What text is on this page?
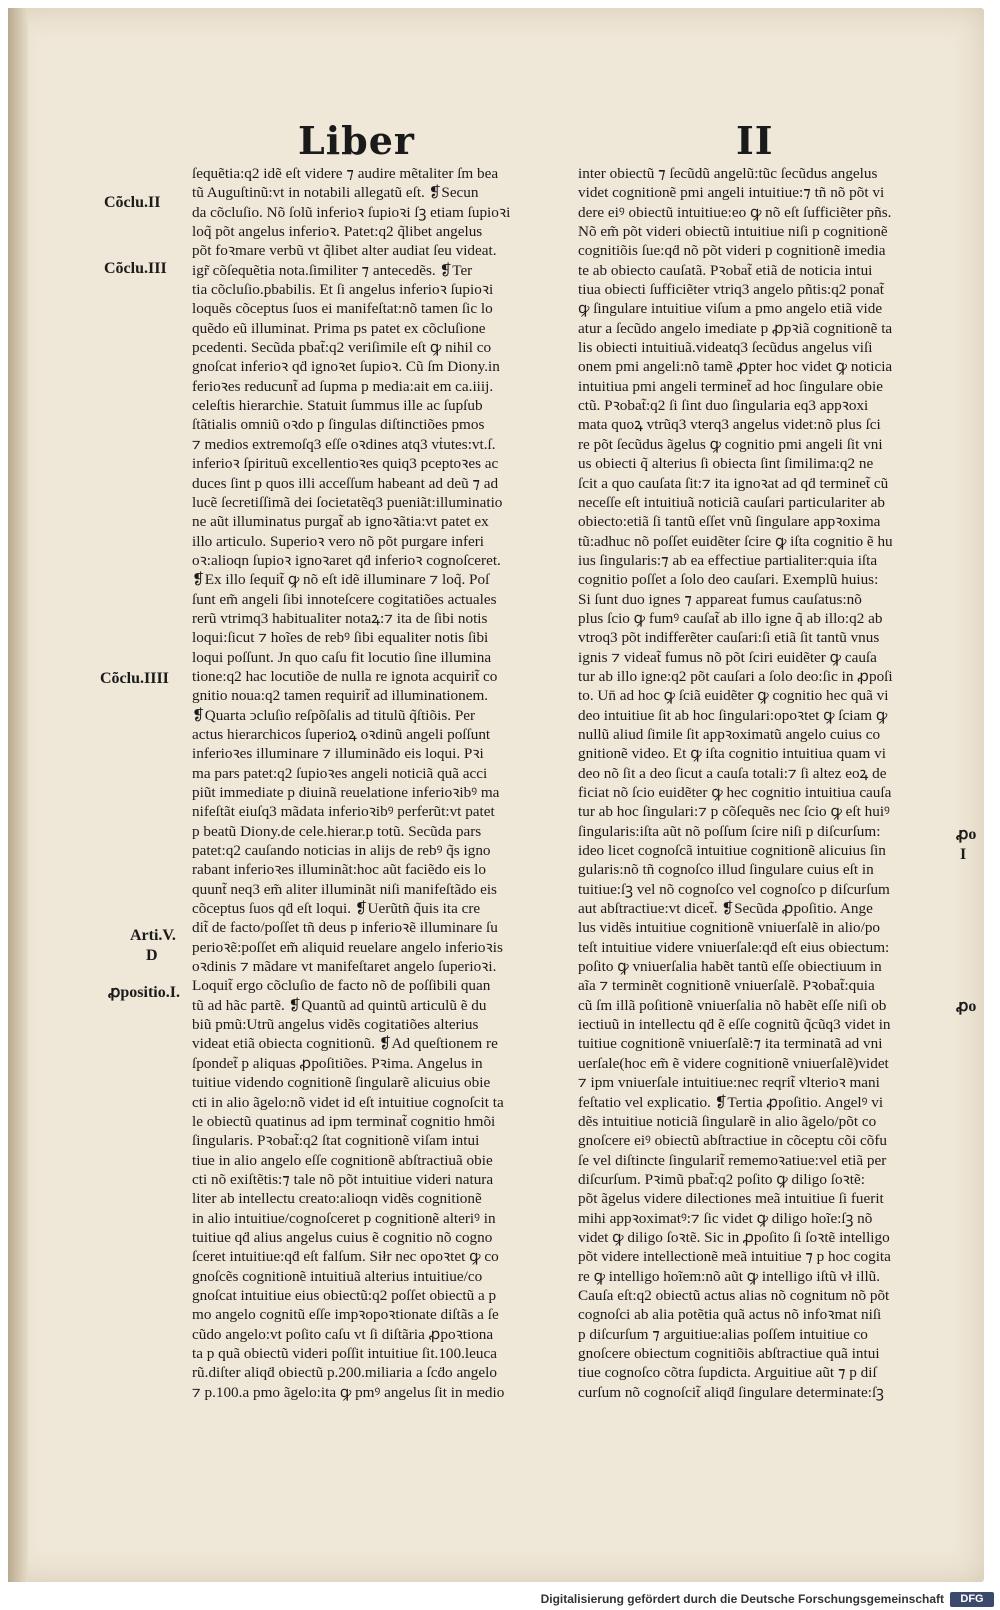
Liber	II
Cõclu.II
Cõclu.III
Cõclu.IIII
Arti.V.
D
ꝓpositio.I.
ꝓo
I
ꝓo
ſequẽtia:q2 idẽ eſt videre ⁊ audire mẽtaliter ſm bea
tũ Auguſtinũ:vt in notabili allegatũ eſt. ❡Secun
da cõcluſio. Nõ ſolũ inferioꝛ ſupioꝛi ſꝫ etiam ſupioꝛi
loq̃ põt angelus inferioꝛ. Patet:q2 q̃libet angelus
põt foꝛmare verbũ vt q̃libet alter audiat ſeu videat.
igr̃ cõſequẽtia nota.ſimiliter ⁊ antecedẽs. ❡Ter
tia cõcluſio.pbabilis. Et ſi angelus inferioꝛ ſupioꝛi
loquẽs cõceptus ſuos ei manifeſtat:nõ tamen ſic lo
quẽdo eũ illuminat. Prima ps patet ex cõcluſione
pcedenti. Secũda pbat̃:q2 veriſimile eſt ꝙ nihil co
gnoſcat inferioꝛ qḋ ignoꝛet ſupioꝛ. Cũ ſm Diony.in
ferioꝛes reducunt̃ ad ſupma p media:ait em ca.iiij.
celeſtis hierarchie. Statuit ſummus ille ac ſupſub
ſtãtialis omniũ oꝛdo p ſingulas diſtinctiões pmos
⁊ medios extremoſq3 eſſe oꝛdines atq3 vṫutes:vt.ſ.
inferioꝛ ſpirituũ excellentioꝛes quiq3 pceptoꝛes ac
duces ſint p quos illi acceſſum habeant ad deũ ⁊ ad
lucẽ ſecretiſſimã dei ſocietatẽq3 pueniãt:illuminatio
ne aũt illuminatus purgat̃ ab ignoꝛãtia:vt patet ex
illo articulo. Superioꝛ vero nõ põt purgare inferi
oꝛ:alioqn ſupioꝛ ignoꝛaret qḋ inferioꝛ cognoſceret.
❡Ex illo ſequit̃ ꝙ nõ eſt idẽ illuminare ⁊ loq̃. Poſ
ſunt em̃ angeli ſibi innoteſcere cogitatiões actuales
rerũ vtrimq3 habitualiter notaꝝ:⁊ ita de ſibi notis
loqui:ſicut ⁊ hoĩes de rebꝰ ſibi equaliter notis ſibi
loqui poſſunt. Jn quo caſu fit locutio ſine illumina
tione:q2 hac locutiõe de nulla re ignota acquirit̃ co
gnitio noua:q2 tamen requirit̃ ad illuminationem.
❡Quarta ↄcluſio reſpõſalis ad titulũ q̃ſtiõis. Per
actus hierarchicos ſuperioꝝ oꝛdinũ angeli poſſunt
inferioꝛes illuminare ⁊ illuminãdo eis loqui. Pꝛi
ma pars patet:q2 ſupioꝛes angeli noticiã quã acci
piũt immediate p diuinã reuelatione inferioꝛibꝰ ma
nifeſtãt eiuſq3 mãdata inferioꝛibꝰ perferũt:vt patet
p beatũ Diony.de cele.hierar.p totũ. Secũda pars
patet:q2 cauſando noticias in alijs de rebꝰ q̃s igno
rabant inferioꝛes illuminãt:hoc aũt faciẽdo eis lo
quunt̃ neq3 em̃ aliter illuminãt niſi manifeſtãdo eis
cõceptus ſuos qḋ eſt loqui. ❡Uerũtñ q̃uis ita cre
dit̃ de facto/poſſet tñ deus p inferioꝛẽ illuminare ſu
perioꝛẽ:poſſet em̃ aliquid reuelare angelo inferioꝛis
oꝛdinis ⁊ mãdare vt manifeſtaret angelo ſuperioꝛi.
Loquit̃ ergo cõcluſio de facto nõ de poſſibili quan
tũ ad hãc partẽ. ❡Quantũ ad quintũ articulũ ẽ du
biũ pmũ:Utrũ angelus vidẽs cogitatiões alterius
videat etiã obiecta cognitionũ. ❡Ad queſtionem re
ſpondet̃ p aliquas ꝓpoſitiões. Pꝛima. Angelus in
tuitiue videndo cognitionẽ ſingularẽ alicuius obie
cti in alio ãgelo:nõ videt id eſt intuitiue cognoſcit ta
le obiectũ quatinus ad ipm terminat̃ cognitio hmõi
ſingularis. Pꝛobat̃:q2 ſtat cognitionẽ viſam intui
tiue in alio angelo eſſe cognitionẽ abſtractiuã obie
cti nõ exiſtẽtis:⁊ tale nõ põt intuitiue videri natura
liter ab intellectu creato:alioqn vidẽs cognitionẽ
in alio intuitiue/cognoſceret p cognitionẽ alteriꝰ in
tuitiue qḋ alius angelus cuius ẽ cognitio nõ cogno
ſceret intuitiue:qḋ eſt falſum. Siłr nec opoꝛtet ꝙ co
gnoſcẽs cognitionẽ intuitiuã alterius intuitiue/co
gnoſcat intuitiue eius obiectũ:q2 poſſet obiectũ a p
mo angelo cognitũ eſſe impꝛopoꝛtionate diſtãs a ſe
cũdo angelo:vt poſito caſu vt ſi diſtãria ꝓpoꝛtiona
ta p quã obiectũ videri poſſit intuitiue ſit.100.leuca
rũ.diſter aliqḋ obiectũ p.200.miliaria a ſcḋo angelo
⁊ p.100.a pmo ãgelo:ita ꝙ pmꝰ angelus ſit in medio
inter obiectũ ⁊ ſecũdũ angelũ:tũc ſecũdus angelus
videt cognitionẽ pmi angeli intuitiue:⁊ tñ nõ põt vi
dere eiꝰ obiectũ intuitiue:eo ꝙ nõ eſt ſufficiẽter pñs.
Nõ em̃ põt videri obiectũ intuitiue niſi p cognitionẽ
cognitiõis ſue:qḋ nõ põt videri p cognitionẽ imedia
te ab obiecto cauſatã. Pꝛobat̃ etiã de noticia intui
tiua obiecti ſufficiẽter vtriq3 angelo pñtis:q2 ponat̃
ꝙ ſingulare intuitiue viſum a pmo angelo etiã vide
atur a ſecũdo angelo imediate p ꝓpꝛiã cognitionẽ ta
lis obiecti intuitiuã.videatq3 ſecũdus angelus viſi
onem pmi angeli:nõ tamẽ ꝓpter hoc videt ꝙ noticia
intuitiua pmi angeli terminet̃ ad hoc ſingulare obie
ctũ. Pꝛobat̃:q2 ſi ſint duo ſingularia eq3 appꝛoxi
mata quoꝝ vtrũq3 vterq3 angelus videt:nõ plus ſci
re põt ſecũdus ãgelus ꝙ cognitio pmi angeli ſit vni
us obiecti q̃ alterius ſi obiecta ſint ſimilima:q2 ne
ſcit a quo cauſata ſit:⁊ ita ignoꝛat ad qḋ terminet̃ cũ
neceſſe eſt intuitiuã noticiã cauſari particulariter ab
obiecto:etiã ſi tantũ eſſet vnũ ſingulare appꝛoxima
tũ:adhuc nõ poſſet euidẽter ſcire ꝙ iſta cognitio ẽ hu
ius ſingularis:⁊ ab ea effectiue partialiter:quia iſta
cognitio poſſet a ſolo deo cauſari. Exemplũ huius:
Si ſunt duo ignes ⁊ appareat fumus cauſatus:nõ
plus ſcio ꝙ fumꝰ cauſat̃ ab illo igne q̃ ab illo:q2 ab
vtroq3 põt indifferẽter cauſari:ſi etiã ſit tantũ vnus
ignis ⁊ videat̃ fumus nõ põt ſciri euidẽter ꝙ cauſa
tur ab illo igne:q2 põt cauſari a ſolo deo:ſic in ꝓpoſi
to. Un̄ ad hoc ꝙ ſciã euidẽter ꝙ cognitio hec quã vi
deo intuitiue ſit ab hoc ſingulari:opoꝛtet ꝙ ſciam ꝙ
nullũ aliud ſimile ſit appꝛoximatũ angelo cuius co
gnitionẽ video. Et ꝙ iſta cognitio intuitiua quam vi
deo nõ ſit a deo ſicut a cauſa totali:⁊ ſi altez eoꝝ de
ficiat nõ ſcio euidẽter ꝙ hec cognitio intuitiua cauſa
tur ab hoc ſingulari:⁊ p cõſequẽs nec ſcio ꝙ eſt huiꝰ
ſingularis:iſta aũt nõ poſſum ſcire niſi p diſcurſum:
ideo licet cognoſcã intuitiue cognitionẽ alicuius ſin
gularis:nõ tñ cognoſco illud ſingulare cuius eſt in
tuitiue:ſꝫ vel nõ cognoſco vel cognoſco p diſcurſum
aut abſtractiue:vt dicet̃. ❡Secũda ꝓpoſitio. Ange
lus vidẽs intuitiue cognitionẽ vniuerſalẽ in alio/po
teſt intuitiue videre vniuerſale:qḋ eſt eius obiectum:
poſito ꝙ vniuerſalia habẽt tantũ eſſe obiectiuum in
aĩa ⁊ terminẽt cognitionẽ vniuerſalẽ. Pꝛobat̃:quia
cũ ſm illã poſitionẽ vniuerſalia nõ habẽt eſſe niſi ob
iectiuũ in intellectu qḋ ẽ eſſe cognitũ q̃cũq3 videt in
tuitiue cognitionẽ vniuerſalẽ:⁊ ita terminatã ad vni
uerſale(hoc em̃ ẽ videre cognitionẽ vniuerſalẽ)videt
⁊ ipm vniuerſale intuitiue:nec reqrit̃ vlterioꝛ mani
feſtatio vel explicatio. ❡Tertia ꝓpoſitio. Angelꝰ vi
dẽs intuitiue noticiã ſingularẽ in alio ãgelo/põt co
gnoſcere eiꝰ obiectũ abſtractiue in cõceptu cõi cõfu
ſe vel diſtincte ſingularit̃ rememoꝛatiue:vel etiã per
diſcurſum. Pꝛimũ pbat̃:q2 poſito ꝙ diligo ſoꝛtẽ:
põt ãgelus videre dilectiones meã intuitiue ſi fuerit
mihi appꝛoximatꝰ:⁊ ſic videt ꝙ diligo hoĩe:ſꝫ nõ
videt ꝙ diligo ſoꝛtẽ. Sic in ꝓpoſito ſi ſoꝛtẽ intelligo
põt videre intellectionẽ meã intuitiue ⁊ p hoc cogita
re ꝙ intelligo hoĩem:nõ aũt ꝙ intelligo iſtũ vł illũ.
Cauſa eſt:q2 obiectũ actus alias nõ cognitum nõ põt
cognoſci ab alia potẽtia quã actus nõ infoꝛmat niſi
p diſcurſum ⁊ arguitiue:alias poſſem intuitiue co
gnoſcere obiectum cognitiõis abſtractiue quã intui
tiue cognoſco cõtra ſupdicta. Arguitiue aũt ⁊ p diſ
curſum nõ cognoſcit̃ aliqḋ ſingulare determinate:ſꝫ
Digitalisierung gefördert durch die Deutsche Forschungsgemeinschaft	DFG
